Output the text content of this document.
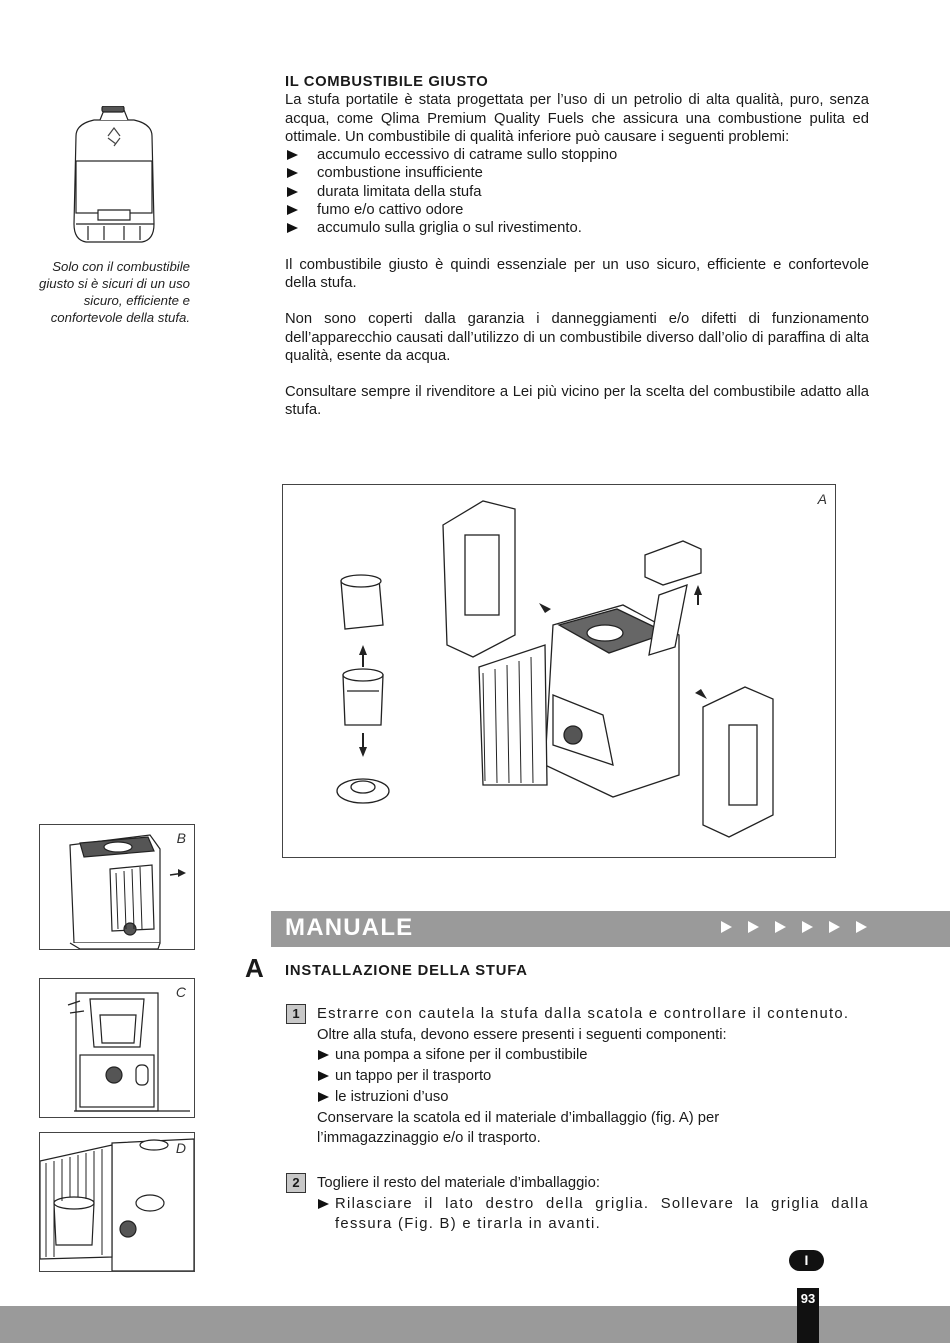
Solo con il combustibile giusto si è sicuri di un uso sicuro, efficiente e confortevole della stufa.
IL COMBUSTIBILE GIUSTO

La stufa portatile è stata progettata per l’uso di un petrolio di alta qualità, puro, senza acqua, come Qlima Premium Quality Fuels che assicura una combustione pulita ed ottimale. Un combustibile di qualità inferiore può causare i seguenti problemi:

accumulo eccessivo di catrame sullo stoppino
combustione insufficiente
durata limitata della stufa
fumo e/o cattivo odore
accumulo sulla griglia o sul rivestimento.

Il combustibile giusto è quindi essenziale per un uso sicuro, efficiente e confortevole della stufa.

Non sono coperti dalla garanzia i danneggiamenti e/o difetti di funzionamento dell’apparecchio causati dall’utilizzo di un combustibile diverso dall’olio di paraffina di alta qualità, esente da acqua.

Consultare sempre il rivenditore a Lei più vicino per la scelta del combustibile adatto alla stufa.

A
B
C
D
MANUALE
A INSTALLAZIONE DELLA STUFA
1	Estrarre con cautela la stufa dalla scatola e controllare il contenuto.
Oltre alla stufa, devono essere presenti i seguenti componenti:
una pompa a sifone per il combustibile
un tappo per il trasporto
le istruzioni d’uso
Conservare la scatola ed il materiale d’imballaggio (fig. A) per l’immagazzinaggio e/o il trasporto.
2	Togliere il resto del materiale d’imballaggio:
Rilasciare il lato destro della griglia. Sollevare la griglia dalla fessura (Fig. B) e tirarla in avanti.
I
93
